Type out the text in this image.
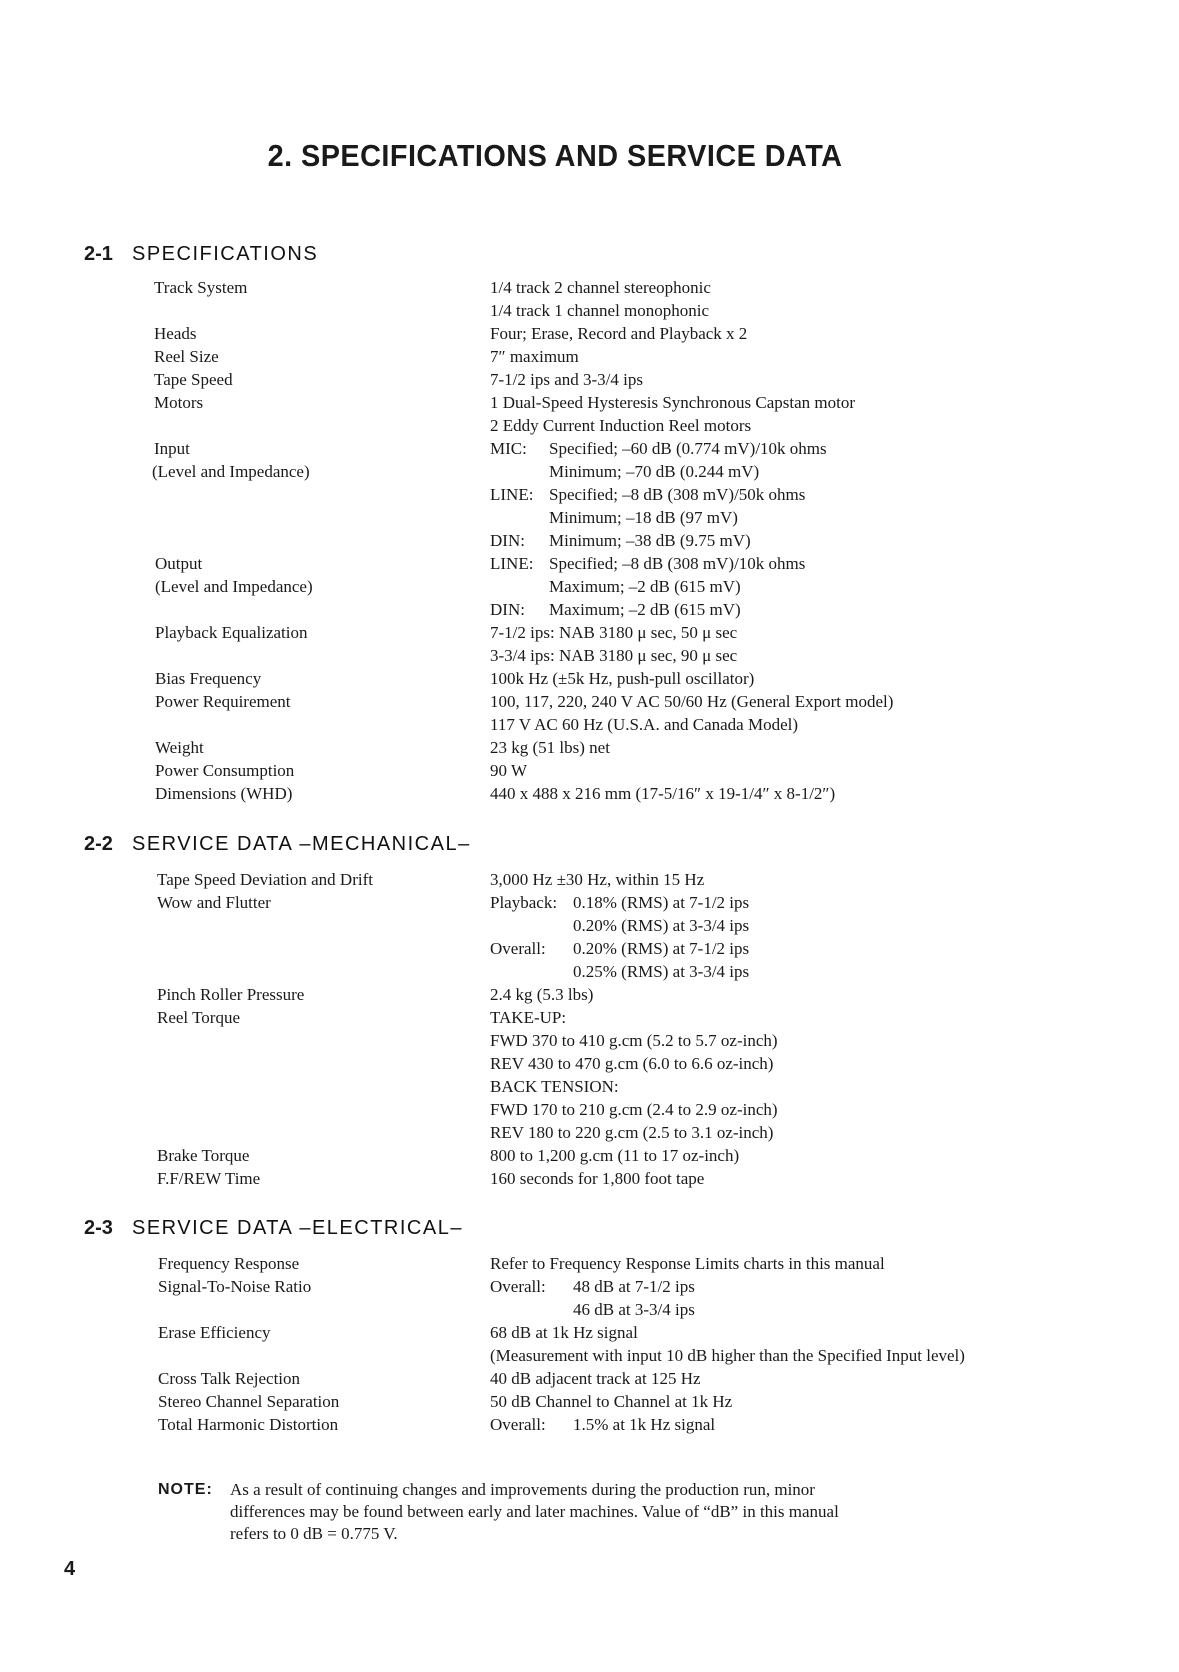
2. SPECIFICATIONS AND SERVICE DATA
2-1 SPECIFICATIONS
Track System	1/4 track 2 channel stereophonic
1/4 track 1 channel monophonic
Heads	Four; Erase, Record and Playback x 2
Reel Size	7″ maximum
Tape Speed	7-1/2 ips and 3-3/4 ips
Motors	1 Dual-Speed Hysteresis Synchronous Capstan motor
2 Eddy Current Induction Reel motors
Input	MIC: Specified; –60 dB (0.774 mV)/10k ohms
(Level and Impedance)	Minimum; –70 dB (0.244 mV)
LINE: Specified; –8 dB (308 mV)/50k ohms
Minimum; –18 dB (97 mV)
DIN: Minimum; –38 dB (9.75 mV)
Output	LINE: Specified; –8 dB (308 mV)/10k ohms
(Level and Impedance)	Maximum; –2 dB (615 mV)
DIN: Maximum; –2 dB (615 mV)
Playback Equalization	7-1/2 ips: NAB 3180 μ sec, 50 μ sec
3-3/4 ips: NAB 3180 μ sec, 90 μ sec
Bias Frequency	100k Hz (±5k Hz, push-pull oscillator)
Power Requirement	100, 117, 220, 240 V AC 50/60 Hz (General Export model)
117 V AC 60 Hz (U.S.A. and Canada Model)
Weight	23 kg (51 lbs) net
Power Consumption	90 W
Dimensions (WHD)	440 x 488 x 216 mm (17-5/16″ x 19-1/4″ x 8-1/2″)
2-2 SERVICE DATA –MECHANICAL–
Tape Speed Deviation and Drift	3,000 Hz ±30 Hz, within 15 Hz
Wow and Flutter	Playback: 0.18% (RMS) at 7-1/2 ips
0.20% (RMS) at 3-3/4 ips
Overall: 0.20% (RMS) at 7-1/2 ips
0.25% (RMS) at 3-3/4 ips
Pinch Roller Pressure	2.4 kg (5.3 lbs)
Reel Torque	TAKE-UP:
FWD 370 to 410 g.cm (5.2 to 5.7 oz-inch)
REV 430 to 470 g.cm (6.0 to 6.6 oz-inch)
BACK TENSION:
FWD 170 to 210 g.cm (2.4 to 2.9 oz-inch)
REV 180 to 220 g.cm (2.5 to 3.1 oz-inch)
Brake Torque	800 to 1,200 g.cm (11 to 17 oz-inch)
F.F/REW Time	160 seconds for 1,800 foot tape
2-3 SERVICE DATA –ELECTRICAL–
Frequency Response	Refer to Frequency Response Limits charts in this manual
Signal-To-Noise Ratio	Overall: 48 dB at 7-1/2 ips
46 dB at 3-3/4 ips
Erase Efficiency	68 dB at 1k Hz signal
(Measurement with input 10 dB higher than the Specified Input level)
Cross Talk Rejection	40 dB adjacent track at 125 Hz
Stereo Channel Separation	50 dB Channel to Channel at 1k Hz
Total Harmonic Distortion	Overall: 1.5% at 1k Hz signal
NOTE: As a result of continuing changes and improvements during the production run, minor
differences may be found between early and later machines. Value of “dB” in this manual
refers to 0 dB = 0.775 V.
4
